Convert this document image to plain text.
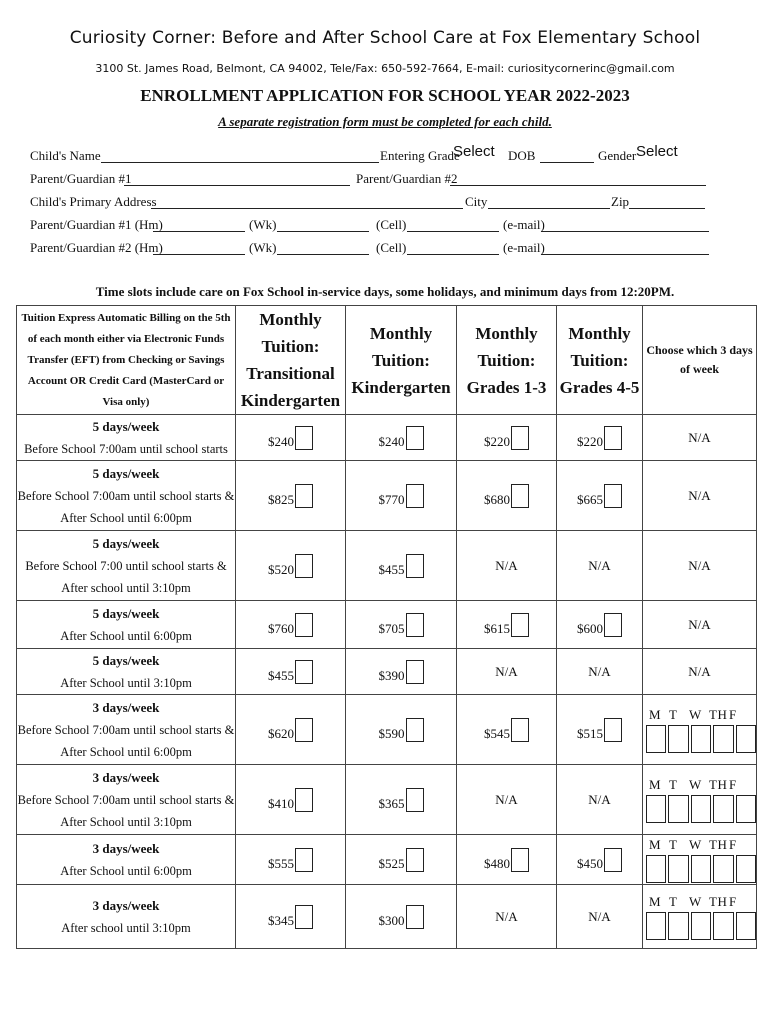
Curiosity Corner: Before and After School Care at Fox Elementary School
3100 St. James Road, Belmont, CA 94002, Tele/Fax: 650-592-7664, E-mail: curiositycornerinc@gmail.com
ENROLLMENT APPLICATION FOR SCHOOL YEAR 2022-2023
A separate registration form must be completed for each child.
Child's Name	Entering Grade
Select DOB	Gender Select
Parent/Guardian #1	Parent/Guardian #2
Child's Primary Address	City	Zip
Parent/Guardian #1 (Hm)	(Wk)	(Cell)	(e-mail)
Parent/Guardian #2 (Hm)	(Wk)	(Cell)	(e-mail)
Time slots include care on Fox School in-service days, some holidays, and minimum days from 12:20PM.
Tuition Express Automatic Billing on the 5th of each month either via Electronic Funds Transfer (EFT) from Checking or Savings Account OR Credit Card (MasterCard or Visa only)	Monthly Tuition: Transitional Kindergarten	Monthly Tuition: Kindergarten	Monthly Tuition: Grades 1-3	Monthly Tuition: Grades 4-5	Choose which 3 days of week

5 days/week
Before School 7:00am until school starts	$240	$240	$220	$220	N/A

5 days/week
Before School 7:00am until school starts & After School until 6:00pm	$825	$770	$680	$665	N/A

5 days/week
Before School 7:00 until school starts & After school until 3:10pm	$520	$455	N/A	N/A	N/A

5 days/week
After School until 6:00pm	$760	$705	$615	$600	N/A

5 days/week
After School until 3:10pm	$455	$390	N/A	N/A	N/A

3 days/week
Before School 7:00am until school starts & After School until 6:00pm	$620	$590	$545	$515	M T W TH F

3 days/week
Before School 7:00am until school starts & After School until 3:10pm	$410	$365	N/A	N/A	M T W TH F

3 days/week
After School until 6:00pm	$555	$525	$480	$450	M T W TH F

3 days/week
After school until 3:10pm	$345	$300	N/A	N/A	M T W TH F
